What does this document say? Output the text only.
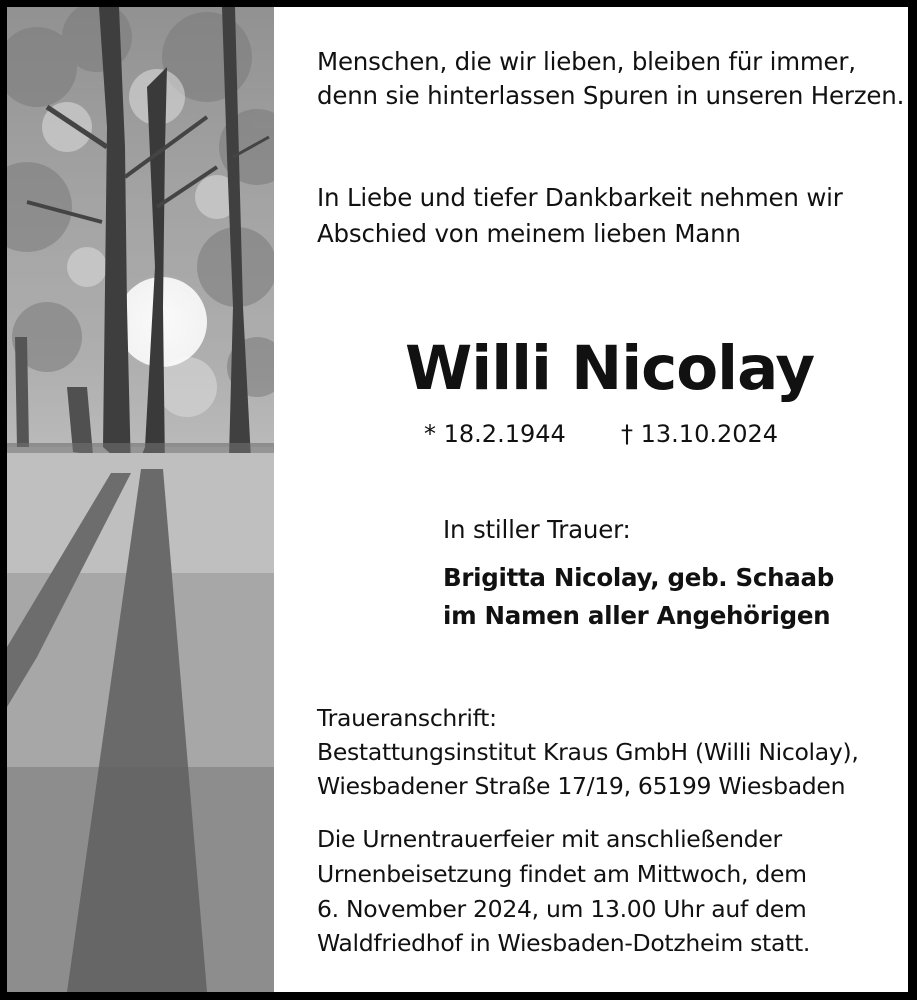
Menschen, die wir lieben, bleiben für immer,
denn sie hinterlassen Spuren in unseren Herzen.
In Liebe und tiefer Dankbarkeit nehmen wir
Abschied von meinem lieben Mann
Willi Nicolay
* 18.2.1944 † 13.10.2024
In stiller Trauer:
Brigitta Nicolay, geb. Schaab
im Namen aller Angehörigen
Traueranschrift:
Bestattungsinstitut Kraus GmbH (Willi Nicolay),
Wiesbadener Straße 17/19, 65199 Wiesbaden
Die Urnentrauerfeier mit anschließender
Urnenbeisetzung findet am Mittwoch, dem
6. November 2024, um 13.00 Uhr auf dem
Waldfriedhof in Wiesbaden-Dotzheim statt.
